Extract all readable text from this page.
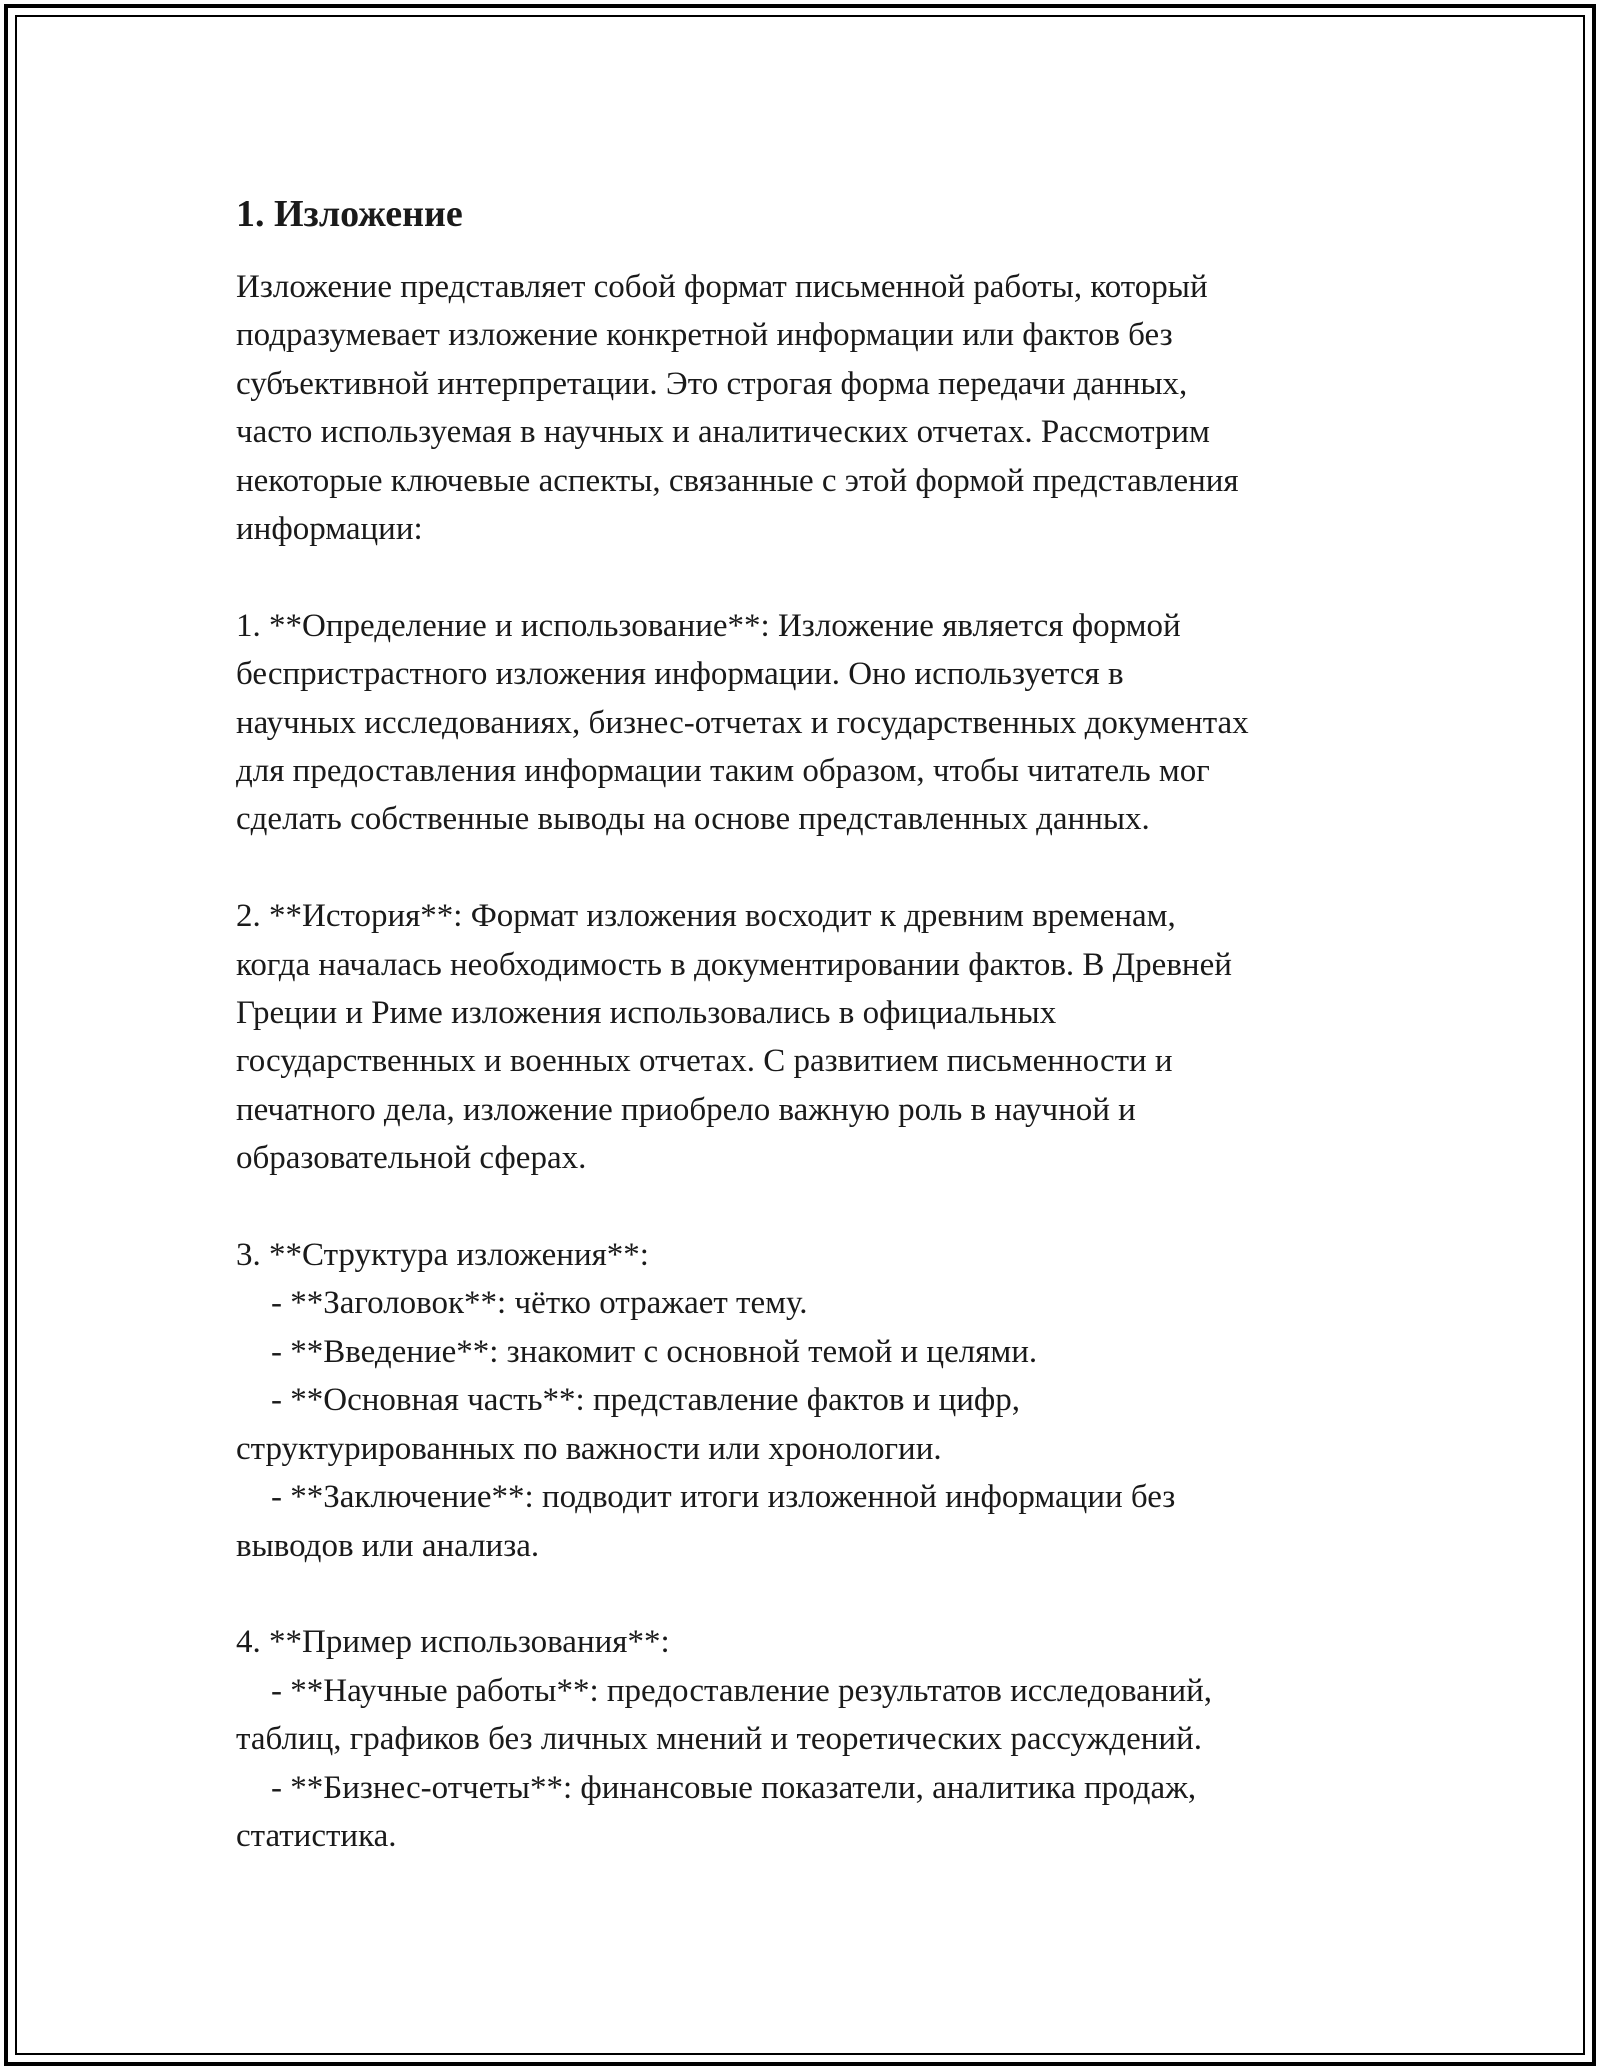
1. Изложение

Изложение представляет собой формат письменной работы, который

подразумевает изложение конкретной информации или фактов без

субъективной интерпретации. Это строгая форма передачи данных,

часто используемая в научных и аналитических отчетах. Рассмотрим

некоторые ключевые аспекты, связанные с этой формой представления

информации:

1. **Определение и использование**: Изложение является формой

беспристрастного изложения информации. Оно используется в

научных исследованиях, бизнес-отчетах и государственных документах

для предоставления информации таким образом, чтобы читатель мог

сделать собственные выводы на основе представленных данных.

2. **История**: Формат изложения восходит к древним временам,

когда началась необходимость в документировании фактов. В Древней

Греции и Риме изложения использовались в официальных

государственных и военных отчетах. С развитием письменности и

печатного дела, изложение приобрело важную роль в научной и

образовательной сферах.

3. **Структура изложения**:

- **Заголовок**: чётко отражает тему.

- **Введение**: знакомит с основной темой и целями.

- **Основная часть**: представление фактов и цифр,

структурированных по важности или хронологии.

- **Заключение**: подводит итоги изложенной информации без

выводов или анализа.

4. **Пример использования**:

- **Научные работы**: предоставление результатов исследований,

таблиц, графиков без личных мнений и теоретических рассуждений.

- **Бизнес-отчеты**: финансовые показатели, аналитика продаж,

статистика.
